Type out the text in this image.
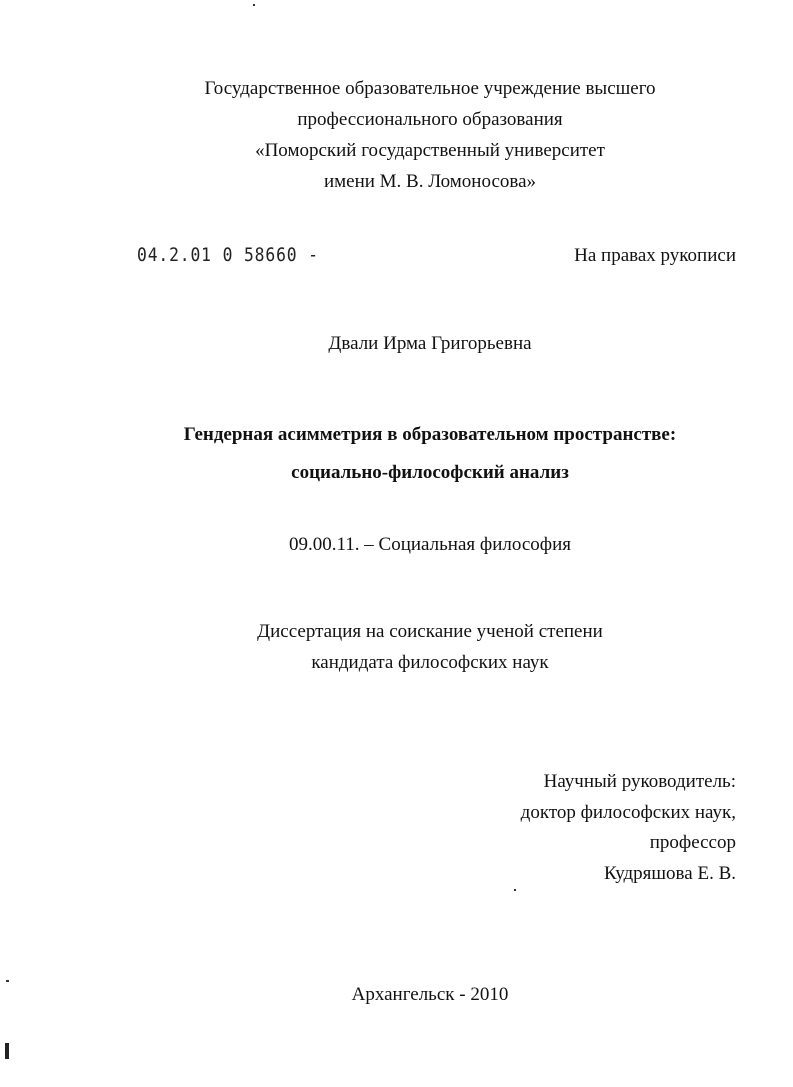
Государственное образовательное учреждение высшего
профессионального образования
«Поморский государственный университет
имени М. В. Ломоносова»
04.2.01 0 58660 -	На правах рукописи
Двали Ирма Григорьевна
Гендерная асимметрия в образовательном пространстве:
социально-философский анализ
09.00.11. – Социальная философия
Диссертация на соискание ученой степени
кандидата философских наук
Научный руководитель:
доктор философских наук,
профессор
Кудряшова Е. В.
Архангельск - 2010
